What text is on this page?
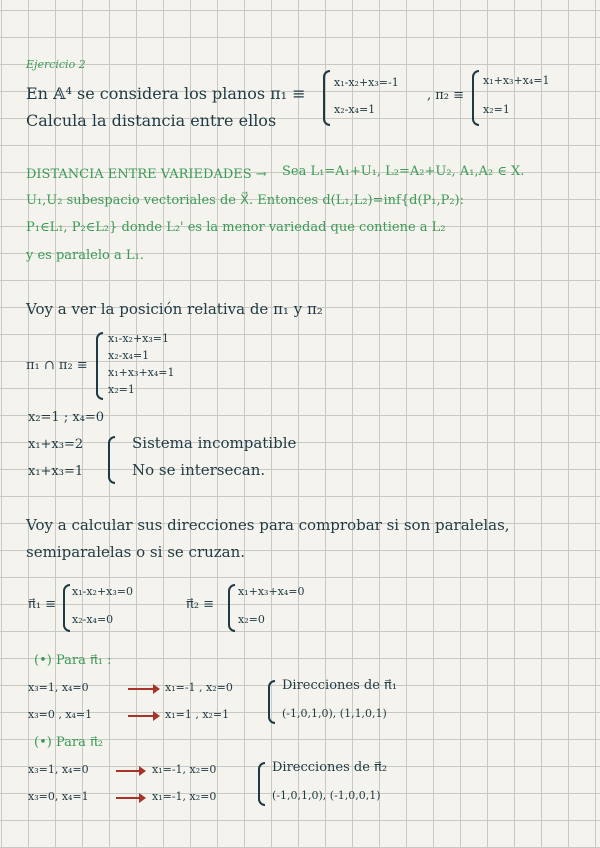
Ejercicio 2
En 𝔸⁴ se considera los planos π₁ ≡
x₁-x₂+x₃=-1
x₂-x₄=1
, π₂ ≡
x₁+x₃+x₄=1
x₂=1
Calcula la distancia entre ellos
DISTANCIA ENTRE VARIEDADES → Sea L₁=A₁+U₁, L₂=A₂+U₂, A₁,A₂ ∈ X.
U₁,U₂ subespacio vectoriales de X⃗. Entonces d(L₁,L₂)=inf{d(P₁,P₂):
P₁∈L₁, P₂∈L₂} donde L₂' es la menor variedad que contiene a L₂
y es paralelo a L₁.
Voy a ver la posición relativa de π₁ y π₂
π₁ ∩ π₂ ≡
x₁-x₂+x₃=1
x₂-x₄=1
x₁+x₃+x₄=1
x₂=1
x₂=1 ; x₄=0
x₁+x₃=2
x₁+x₃=1
Sistema incompatible
No se intersecan.
Voy a calcular sus direcciones para comprobar si son paralelas,
semiparalelas o si se cruzan.
π⃗₁ ≡
x₁-x₂+x₃=0
x₂-x₄=0
π⃗₂ ≡
x₁+x₃+x₄=0
x₂=0
(•) Para π⃗₁ :
x₃=1, x₄=0	x₁=-1 , x₂=0
x₃=0 , x₄=1	x₁=1 , x₂=1
Direcciones de π⃗₁
(-1,0,1,0), (1,1,0,1)
(•) Para π⃗₂
x₃=1, x₄=0	x₁=-1, x₂=0
x₃=0, x₄=1	x₁=-1, x₂=0
Direcciones de π⃗₂
(-1,0,1,0), (-1,0,0,1)
